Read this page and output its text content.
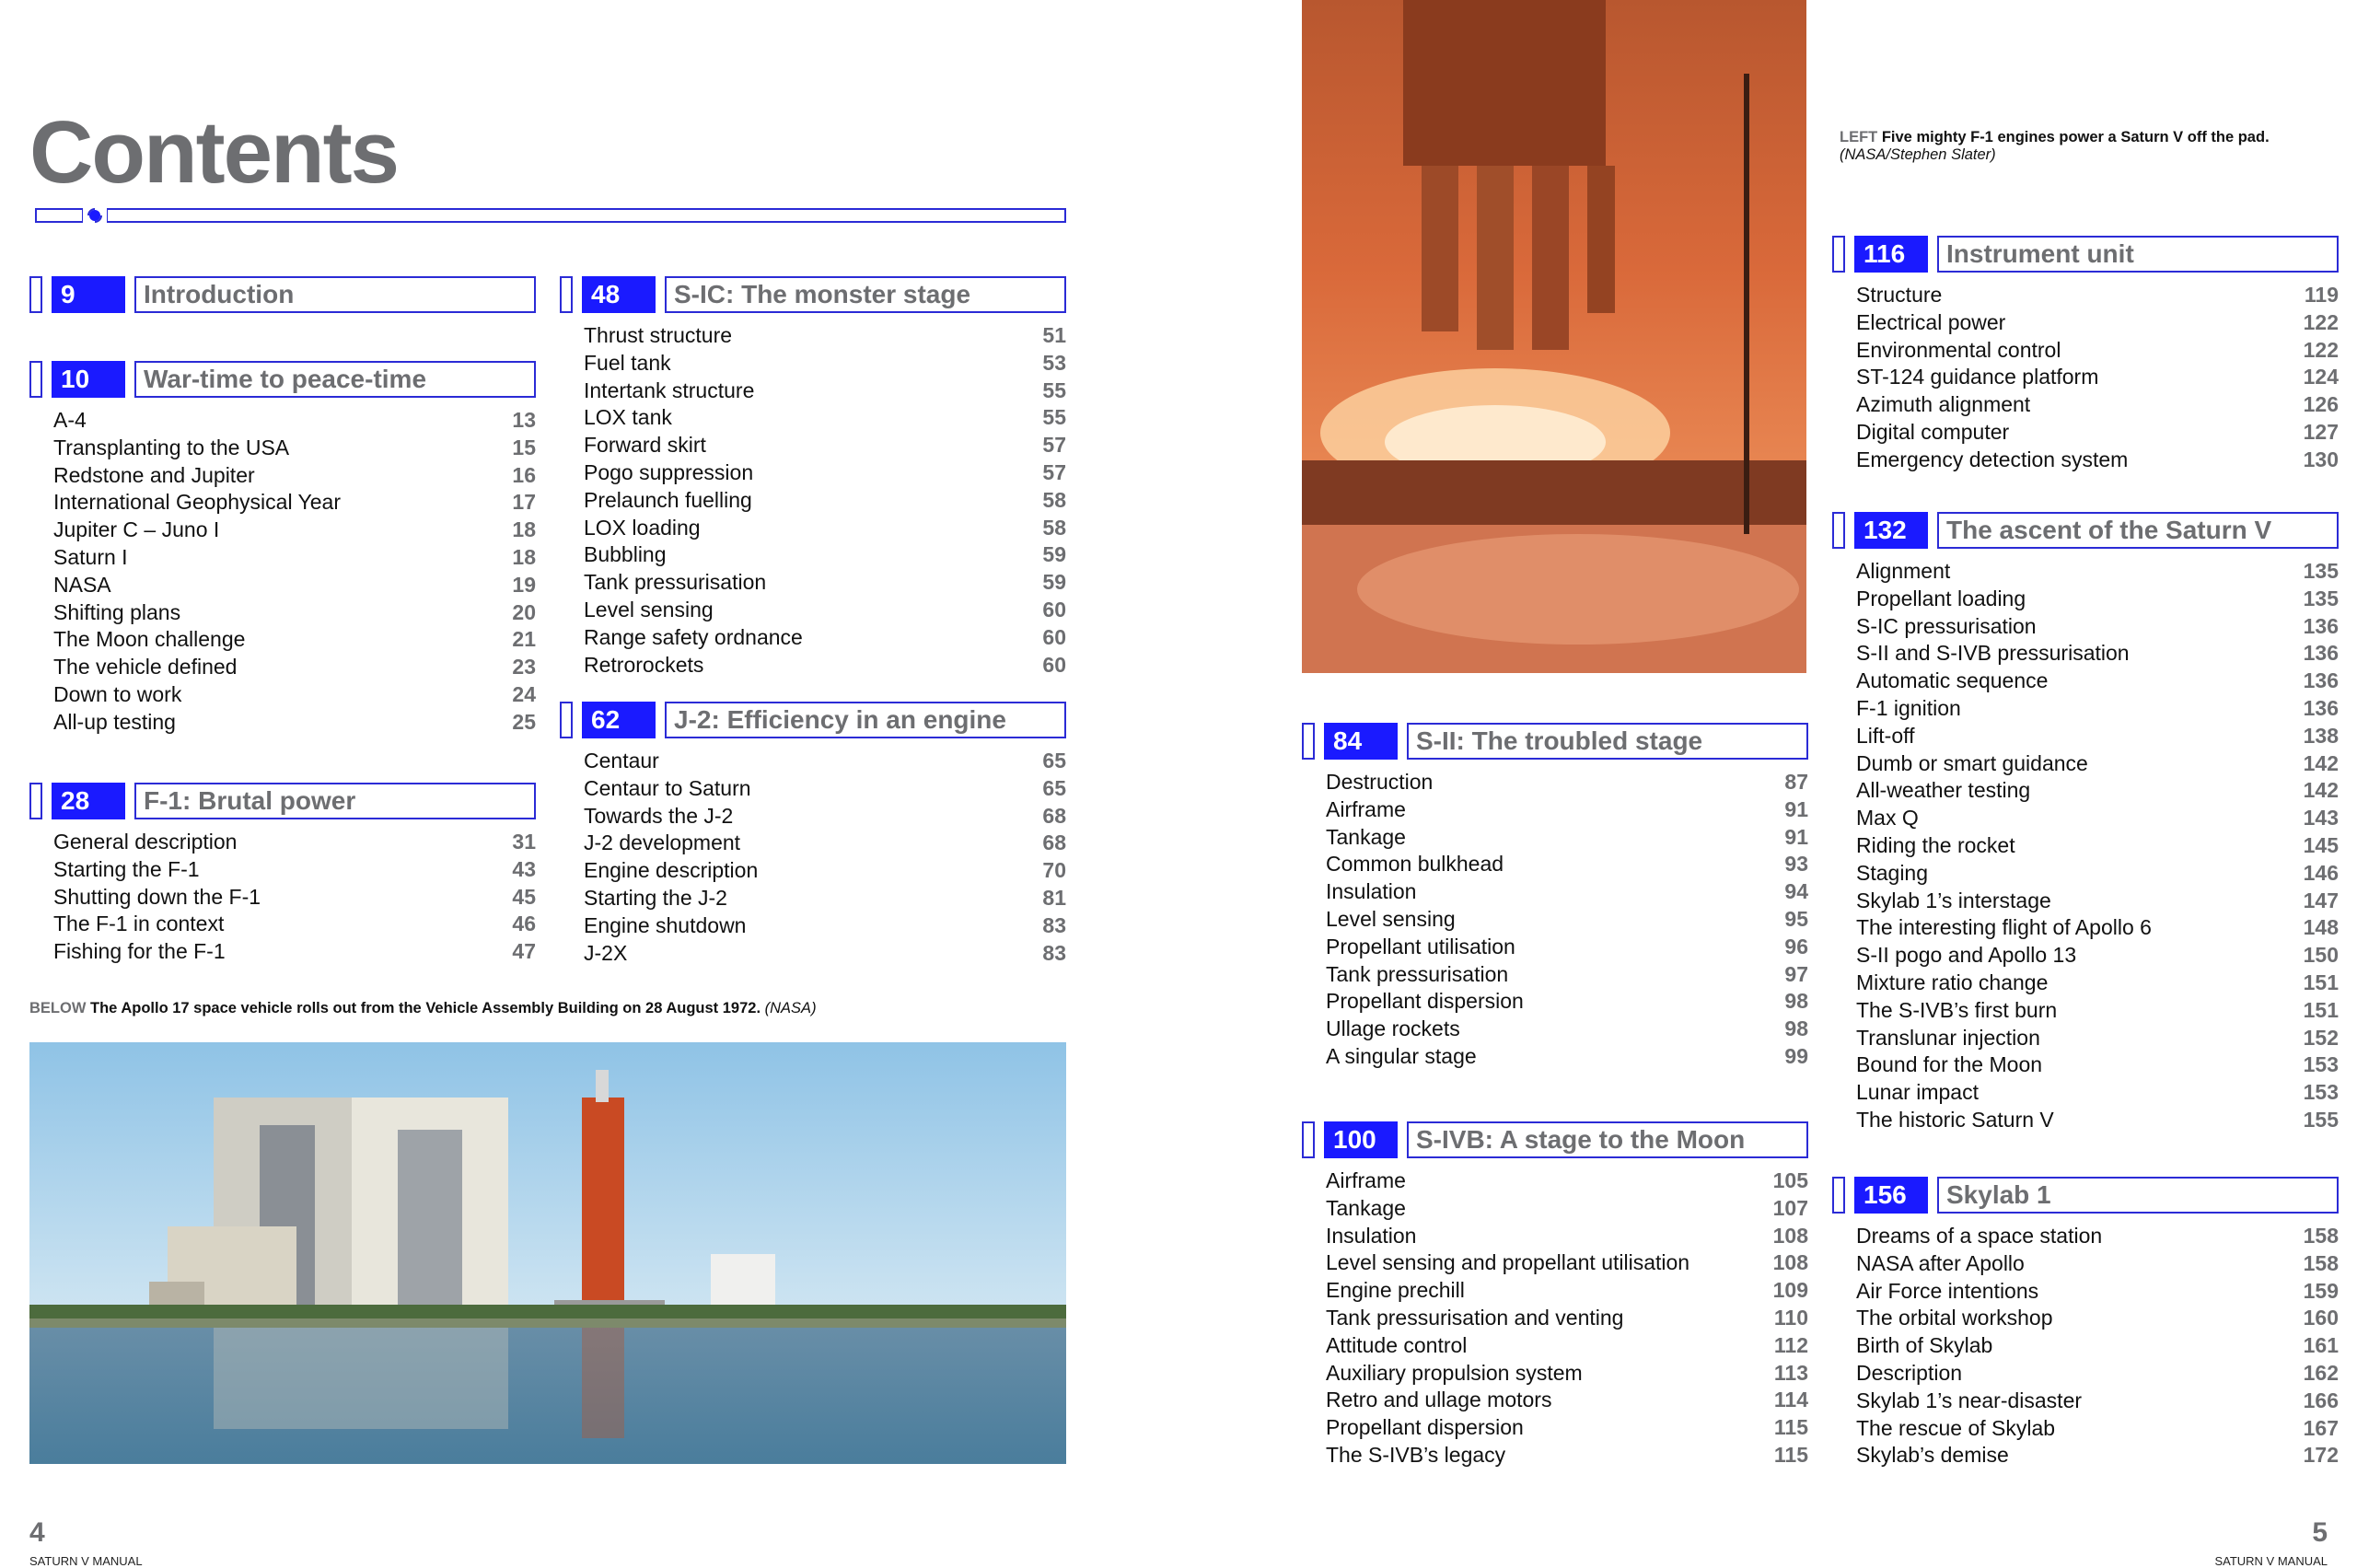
Contents
9	Introduction
10	War-time to peace-time
A-4	13
Transplanting to the USA	15
Redstone and Jupiter	16
International Geophysical Year	17
Jupiter C – Juno I	18
Saturn I	18
NASA	19
Shifting plans	20
The Moon challenge	21
The vehicle defined	23
Down to work	24
All-up testing	25
28	F-1: Brutal power
General description	31
Starting the F-1	43
Shutting down the F-1	45
The F-1 in context	46
Fishing for the F-1	47
48	S-IC: The monster stage
Thrust structure	51
Fuel tank	53
Intertank structure	55
LOX tank	55
Forward skirt	57
Pogo suppression	57
Prelaunch fuelling	58
LOX loading	58
Bubbling	59
Tank pressurisation	59
Level sensing	60
Range safety ordnance	60
Retrorockets	60
62	J-2: Efficiency in an engine
Centaur	65
Centaur to Saturn	65
Towards the J-2	68
J-2 development	68
Engine description	70
Starting the J-2	81
Engine shutdown	83
J-2X	83
84	S-II: The troubled stage
Destruction	87
Airframe	91
Tankage	91
Common bulkhead	93
Insulation	94
Level sensing	95
Propellant utilisation	96
Tank pressurisation	97
Propellant dispersion	98
Ullage rockets	98
A singular stage	99
100	S-IVB: A stage to the Moon
Airframe	105
Tankage	107
Insulation	108
Level sensing and propellant utilisation	108
Engine prechill	109
Tank pressurisation and venting	110
Attitude control	112
Auxiliary propulsion system	113
Retro and ullage motors	114
Propellant dispersion	115
The S-IVB’s legacy	115
116	Instrument unit
Structure	119
Electrical power	122
Environmental control	122
ST-124 guidance platform	124
Azimuth alignment	126
Digital computer	127
Emergency detection system	130
132	The ascent of the Saturn V
Alignment	135
Propellant loading	135
S-IC pressurisation	136
S-II and S-IVB pressurisation	136
Automatic sequence	136
F-1 ignition	136
Lift-off	138
Dumb or smart guidance	142
All-weather testing	142
Max Q	143
Riding the rocket	145
Staging	146
Skylab 1’s interstage	147
The interesting flight of Apollo 6	148
S-II pogo and Apollo 13	150
Mixture ratio change	151
The S-IVB’s first burn	151
Translunar injection	152
Bound for the Moon	153
Lunar impact	153
The historic Saturn V	155
156	Skylab 1
Dreams of a space station	158
NASA after Apollo	158
Air Force intentions	159
The orbital workshop	160
Birth of Skylab	161
Description	162
Skylab 1’s near-disaster	166
The rescue of Skylab	167
Skylab’s demise	172
BELOW The Apollo 17 space vehicle rolls out from the Vehicle Assembly Building on 28 August 1972. (NASA)
LEFT Five mighty F-1 engines power a Saturn V off the pad.
(NASA/Stephen Slater)
4
SATURN V MANUAL
5
SATURN V MANUAL
